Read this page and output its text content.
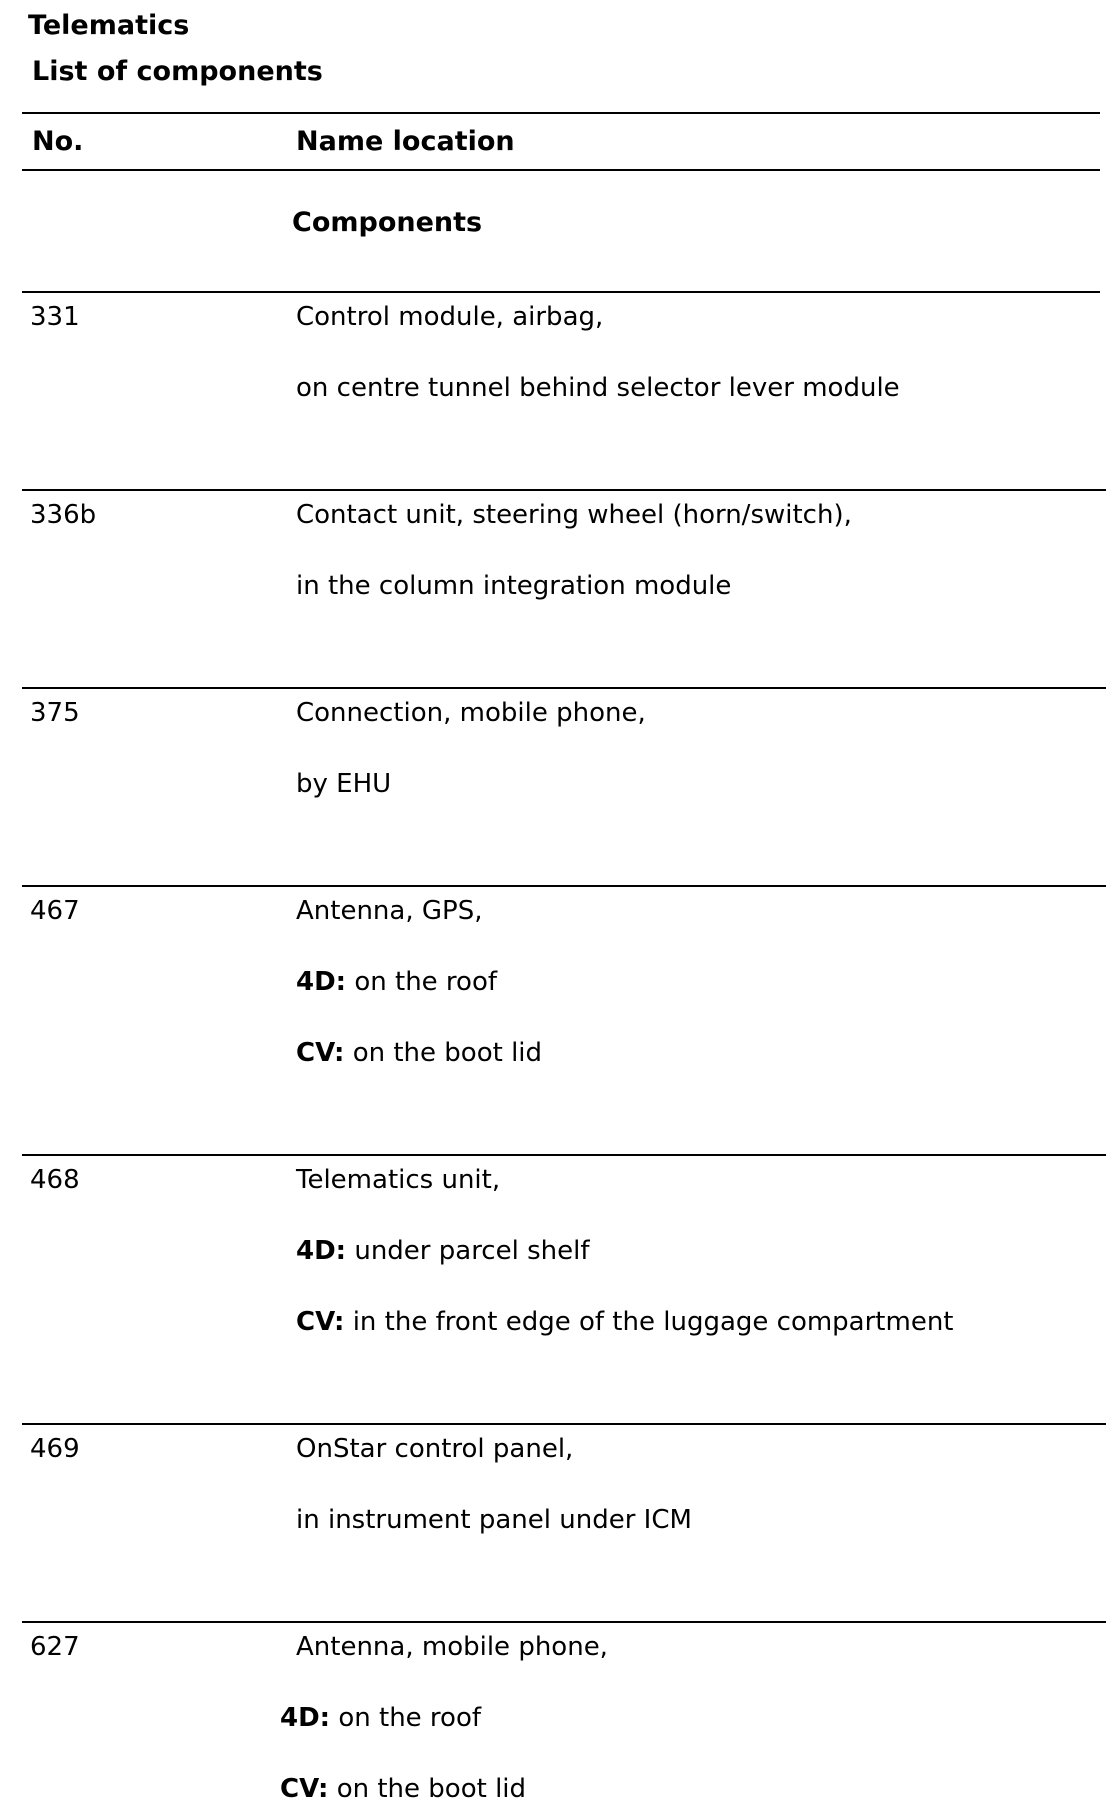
Telematics
List of components
No.	Name location
Components
331	Control module, airbag,
on centre tunnel behind selector lever module
336b	Contact unit, steering wheel (horn/switch),
in the column integration module
375	Connection, mobile phone,
by EHU
467	Antenna, GPS,
4D: on the roof
CV: on the boot lid
468	Telematics unit,
4D: under parcel shelf
CV: in the front edge of the luggage compartment
469	OnStar control panel,
in instrument panel under ICM
627	Antenna, mobile phone,
4D: on the roof
CV: on the boot lid
